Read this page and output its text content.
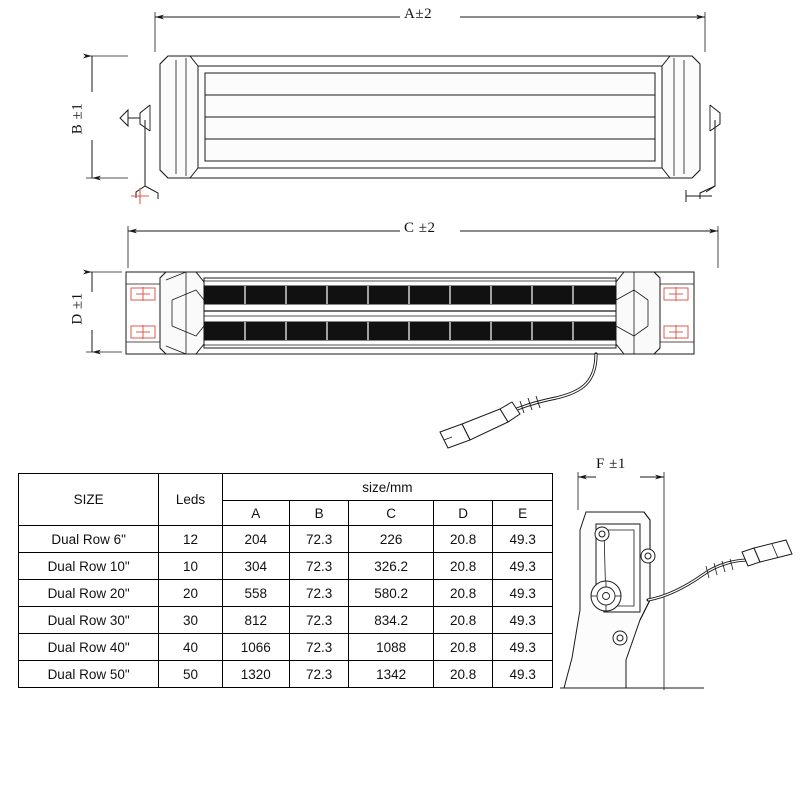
A±2
B ±1
C ±2
D ±1
F ±1
SIZE	Leds	size/mm				
		A	B	C	D	E
Dual Row 6"	12	204	72.3	226	20.8	49.3
Dual Row 10"	10	304	72.3	326.2	20.8	49.3
Dual Row 20"	20	558	72.3	580.2	20.8	49.3
Dual Row 30"	30	812	72.3	834.2	20.8	49.3
Dual Row 40"	40	1066	72.3	1088	20.8	49.3
Dual Row 50"	50	1320	72.3	1342	20.8	49.3
